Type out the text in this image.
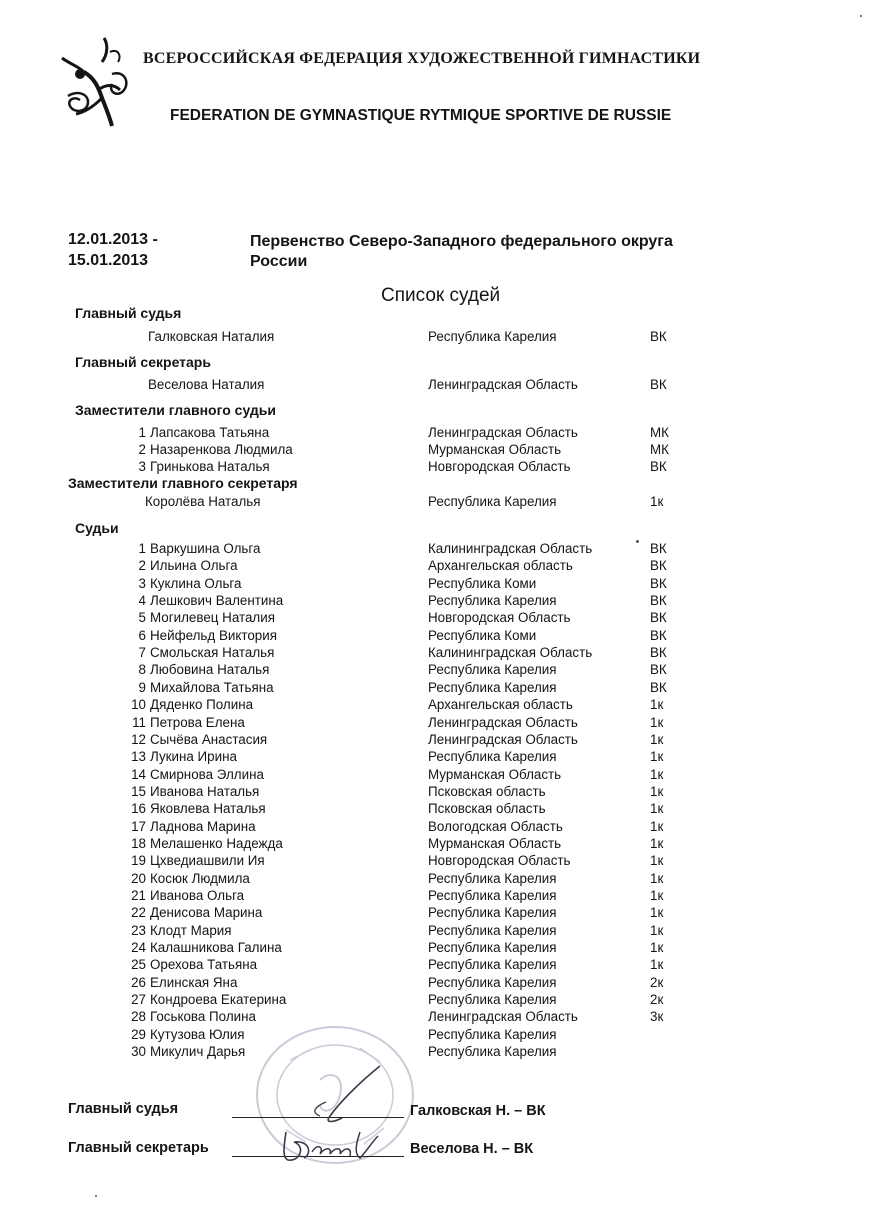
ВСЕРОССИЙСКАЯ ФЕДЕРАЦИЯ ХУДОЖЕСТВЕННОЙ ГИМНАСТИКИ
FEDERATION DE GYMNASTIQUE RYTMIQUE SPORTIVE DE RUSSIE
12.01.2013 -
15.01.2013
Первенство Северо-Западного федерального округа
России
Список судей
Главный судья
Главный секретарь
Заместители главного судьи
Заместители главного секретаря
Судьи
Галковская Наталия	Республика Карелия	ВК
Веселова Наталия	Ленинградская Область	ВК
1 Лапсакова Татьяна	Ленинградская Область	МК
2 Назаренкова Людмила	Мурманская Область	МК
3 Гринькова Наталья	Новгородская Область	ВК
Королёва Наталья	Республика Карелия	1к
1 Варкушина Ольга	Калининградская Область	ВК
2 Ильина Ольга	Архангельская область	ВК
3 Куклина Ольга	Республика Коми	ВК
4 Лешкович Валентина	Республика Карелия	ВК
5 Могилевец Наталия	Новгородская Область	ВК
6 Нейфельд Виктория	Республика Коми	ВК
7 Смольская Наталья	Калининградская Область	ВК
8 Любовина Наталья	Республика Карелия	ВК
9 Михайлова Татьяна	Республика Карелия	ВК
10 Дяденко Полина	Архангельская область	1к
11 Петрова Елена	Ленинградская Область	1к
12 Сычёва Анастасия	Ленинградская Область	1к
13 Лукина Ирина	Республика Карелия	1к
14 Смирнова Эллина	Мурманская Область	1к
15 Иванова Наталья	Псковская область	1к
16 Яковлева Наталья	Псковская область	1к
17 Ладнова Марина	Вологодская Область	1к
18 Мелашенко Надежда	Мурманская Область	1к
19 Цхведиашвили Ия	Новгородская Область	1к
20 Косюк Людмила	Республика Карелия	1к
21 Иванова Ольга	Республика Карелия	1к
22 Денисова Марина	Республика Карелия	1к
23 Клодт Мария	Республика Карелия	1к
24 Калашникова Галина	Республика Карелия	1к
25 Орехова Татьяна	Республика Карелия	1к
26 Елинская Яна	Республика Карелия	2к
27 Кондроева Екатерина	Республика Карелия	2к
28 Госькова Полина	Ленинградская Область	3к
29 Кутузова Юлия	Республика Карелия
30 Микулич Дарья	Республика Карелия
Главный судья	Галковская Н. – ВК
Главный секретарь	Веселова Н. – ВК
